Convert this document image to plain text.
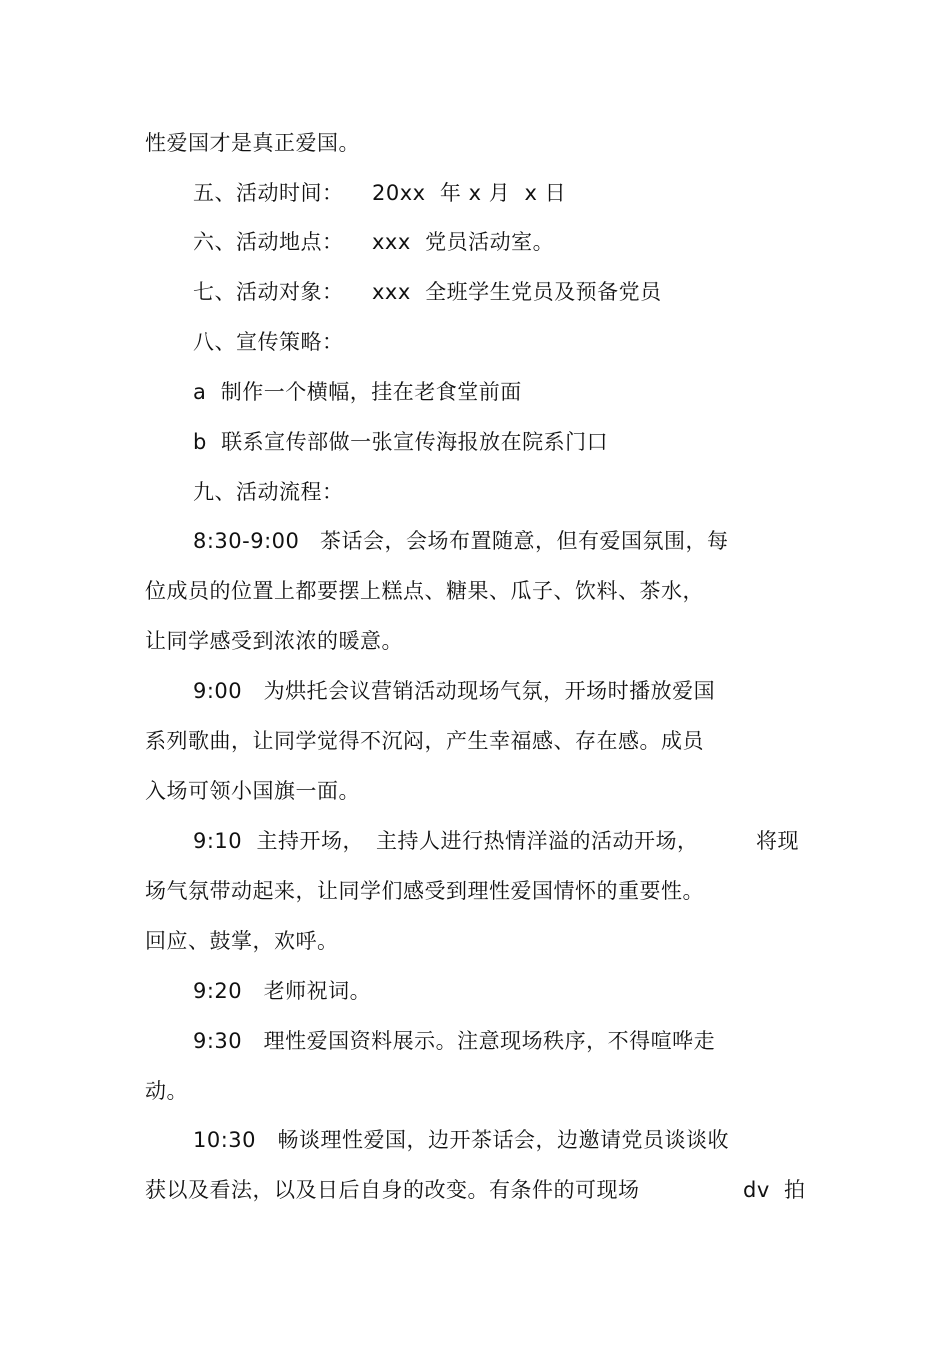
性爱国才是真正爱国。
五、活动时间： 20xx  年 x 月  x 日
六、活动地点： xxx  党员活动室。
七、活动对象： xxx  全班学生党员及预备党员
八、宣传策略：
a  制作一个横幅，挂在老食堂前面
b  联系宣传部做一张宣传海报放在院系门口
九、活动流程：
8:30-9:00 茶话会，会场布置随意，但有爱国氛围，每
位成员的位置上都要摆上糕点、糖果、瓜子、饮料、茶水，
让同学感受到浓浓的暖意。
9:00   为烘托会议营销活动现场气氛，开场时播放爱国
系列歌曲，让同学觉得不沉闷，产生幸福感、存在感。成员
入场可领小国旗一面。
9:10  主持开场， 主持人进行热情洋溢的活动开场，	将现
场气氛带动起来，让同学们感受到理性爱国情怀的重要性。
回应、鼓掌，欢呼。
9:20   老师祝词。
9:30   理性爱国资料展示。注意现场秩序，不得喧哗走
动。
10:30   畅谈理性爱国，边开茶话会，边邀请党员谈谈收
获以及看法，以及日后自身的改变。有条件的可现场	dv 拍
